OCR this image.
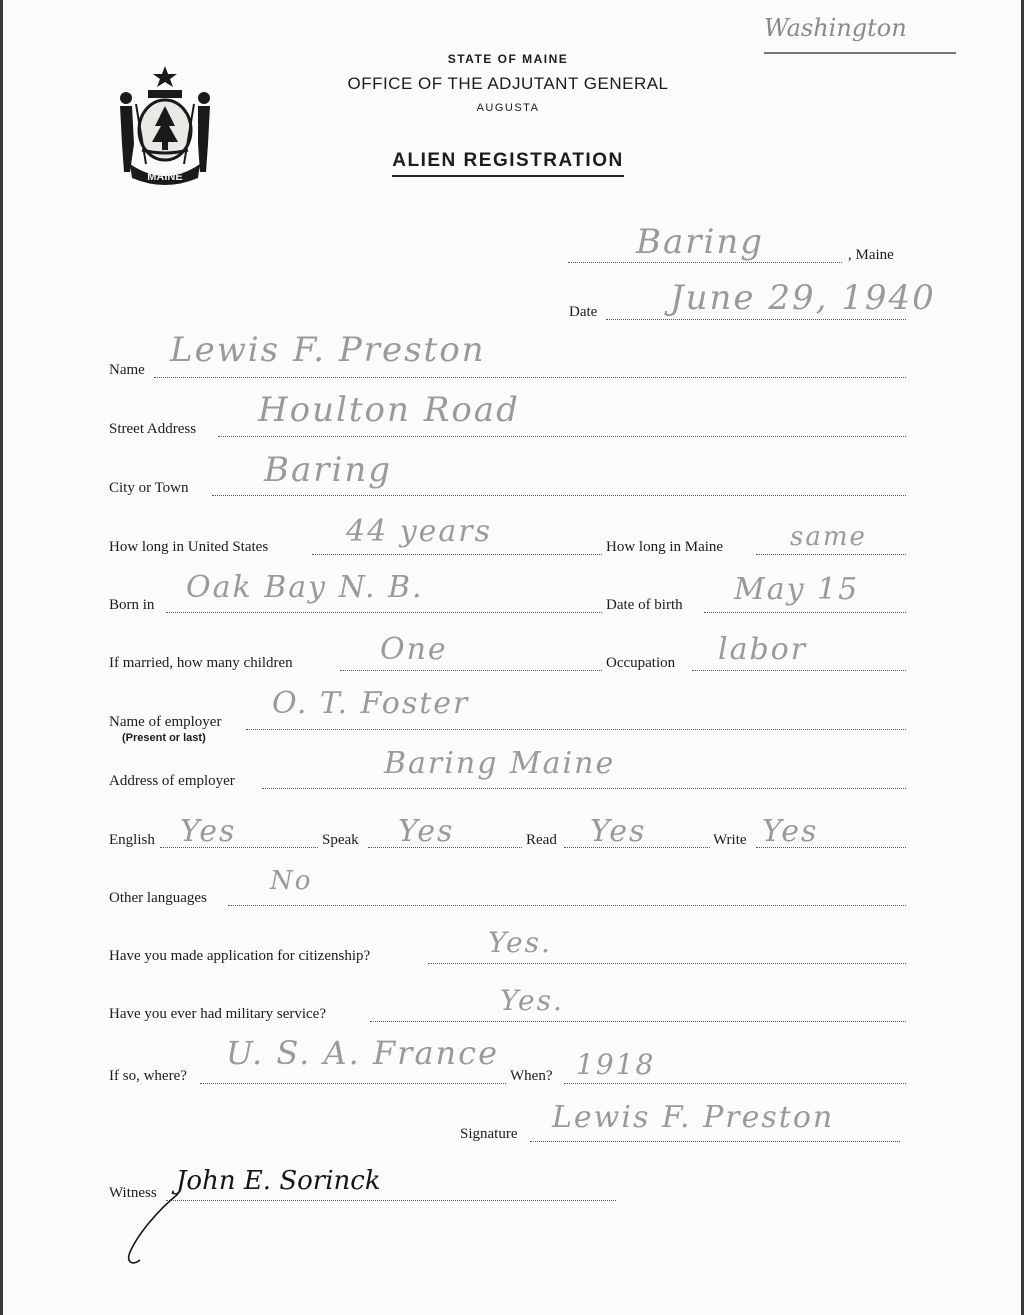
MAINE
STATE OF MAINE
OFFICE OF THE ADJUTANT GENERAL
AUGUSTA
ALIEN REGISTRATION
Washington
Baring	, Maine
Date June 29, 1940
Name Lewis F. Preston
Street Address Houlton Road
City or Town Baring
How long in United States	44 years	How long in Maine	same
Born in Oak Bay N. B.	Date of birth May 15
If married, how many children	One	Occupation labor
Name of employer
(Present or last)
O. T. Foster
Address of employer	Baring Maine
English Yes	Speak Yes	Read Yes	Write Yes
Other languages
No
Have you made application for citizenship?	Yes.
Have you ever had military service?	Yes.
If so, where?
U. S. A. France
When? 1918
Signature Lewis F. Preston
Witness John E. Sorinck
